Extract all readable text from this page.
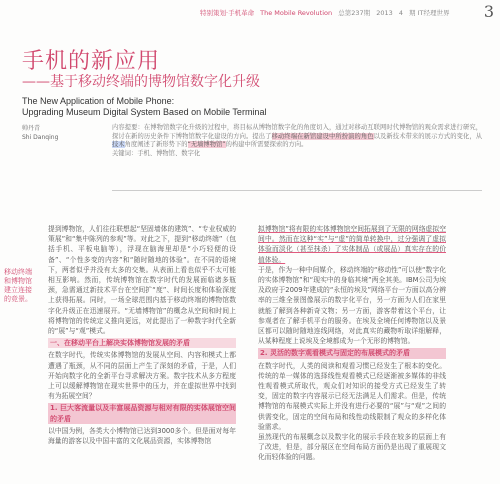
特别策划·手机革命 The Mobile Revolution 总第237期 2013 4 期 IT经理世界 3
手机的新应用
——基于移动终端的博物馆数字化升级
The New Application of Mobile Phone:
Upgrading Museum Digital System Based on Mobile Terminal
帅丹青
Shi Danqing
内容提要：在博物馆数字化升级的过程中，将目标从博物馆数字化的角度切入，通过对移动互联网时代博物馆的观众需求进行研究，探讨在新的历史条件下博物馆数字化建设的方向。提出了移动终端在新馆建设中所扮演的角色以及新技术带来的展示方式的变化，从技术角度阐述了新形势下的“无墙博物馆”的构建中所需要探索的方向。
关键词：手机、博物馆、数字化
移动终端和博物馆建立连接的竞景。

提到博物馆，人们往往联想起“坚固墙体的建筑”、“专业权威的策展”和“集中陈列的参观”等。对此之下，提到“移动终端”（包括手机、平板电脑等），浮现在脑海里却是“小巧轻便的设备”、“个性多变的内容”和“随时随地的体验”。在不同的语境下，两者似乎并没有太多的交集。从表面上看也似乎不太可能相互影响。然而，传统博物馆在数字时代的发展面临诸多瓶颈，急需通过新技术平台在空间扩“度”、时间长度和体验深度上获得拓展。同时，一场全球范围内基于移动终端的博物馆数字化升级正在迅速展开。“无墙博物馆”的概念从空间和时间上将博物馆的传统定义推向更远，对此提出了一种数字时代全新的“展”与“观”模式。

一、在移动平台上解决实体博物馆发展的矛盾

在数字时代，传统实体博物馆的发展从空间、内容和模式上都遭遇了瓶颈，从不同的层面上产生了深刻的矛盾，于是，人们开始向数字化的全新平台寻求解决方案。数字技术从多方程度上可以缓解博物馆在现实世界中的压力，并在虚拟世界中找到有为拓展空间？

1. 巨大客流量以及丰富展品资源与相对有限的实体展馆空间的矛盾

以中国为例，各类大小博物馆已达到3000多个。但是面对每年海量的游客以及中国丰富的文化展品资源，实体博物馆

拟博物馆”将有限的实体博物馆空间拓展到了无限的网络虚拟空间中。然而在这种“实”与“虚”的简单转换中，过分强调了虚拟体验而淡化（甚至抹杀）了实体制品（或展品）真实存在的价值体验。

于是，作为一种中间媒介，移动终端的“移动性”可以使“数字化的实体博物馆”和“现实中的身临其境”两全其美。IBM公司为埃及政府于2009年建成的“永恒的埃及”网络平台一方面以高分辨率的三维全景图像展示的数字化平台，另一方面为人们在家里就能了解到各种新奇文物；另一方面，游客带着这个平台，让参观者在了解手机平台的服务。在埃及全境任何博物馆以及景区都可以随时随地连线网络，对此真实的藏物听取详细解释，从某种程度上说埃及全境都成为一个无形的博物馆。

2. 灵活的数字观看模式与固定的布展模式的矛盾

在数字时代，人类的阅读和观看习惯已经发生了根本的变化。传统的单一媒体的选择线性观看模式已经逐渐被多媒体的非线性观看模式所取代，观众们对知识的接受方式已经发生了转变，固定的数字内容展示已经无法满足人们需求。但是，传统博物馆的布展模式实际上并没有进行必要的“展”与“观”之间的供需变化，固定的空间布局和线性动线限制了观众的多样化体验需求。

虽然现代的布展概念以及数字化的展示手段在较多的层面上有了改进，但是，部分展区在空间布局方面仍是出现了重展现文化而轻体验的问题。
